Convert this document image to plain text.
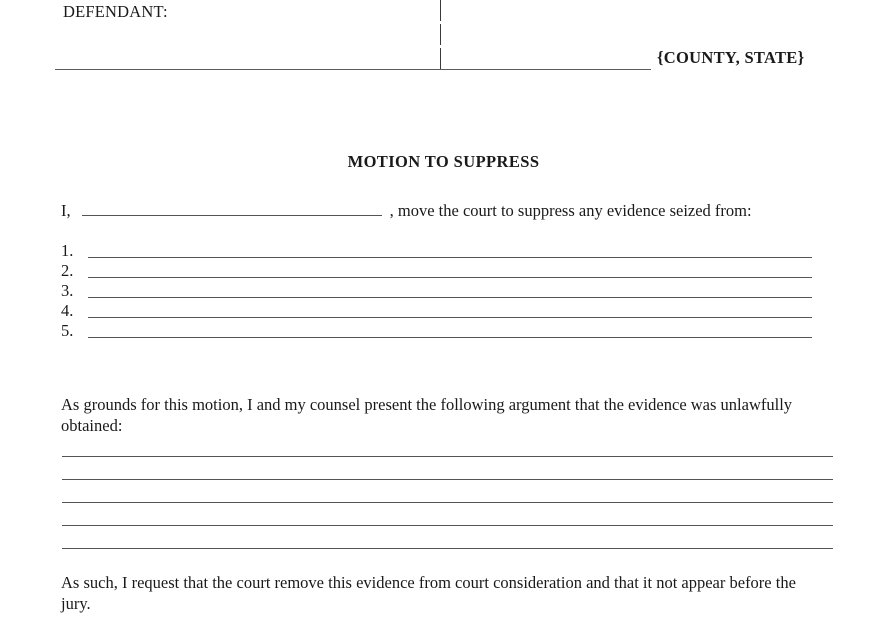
DEFENDANT:
{COUNTY, STATE}
MOTION TO SUPPRESS
I,	, move the court to suppress any evidence seized from:
1.
2.
3.
4.
5.
As grounds for this motion, I and my counsel present the following argument that the evidence was unlawfully obtained:
As such, I request that the court remove this evidence from court consideration and that it not appear before the jury.
